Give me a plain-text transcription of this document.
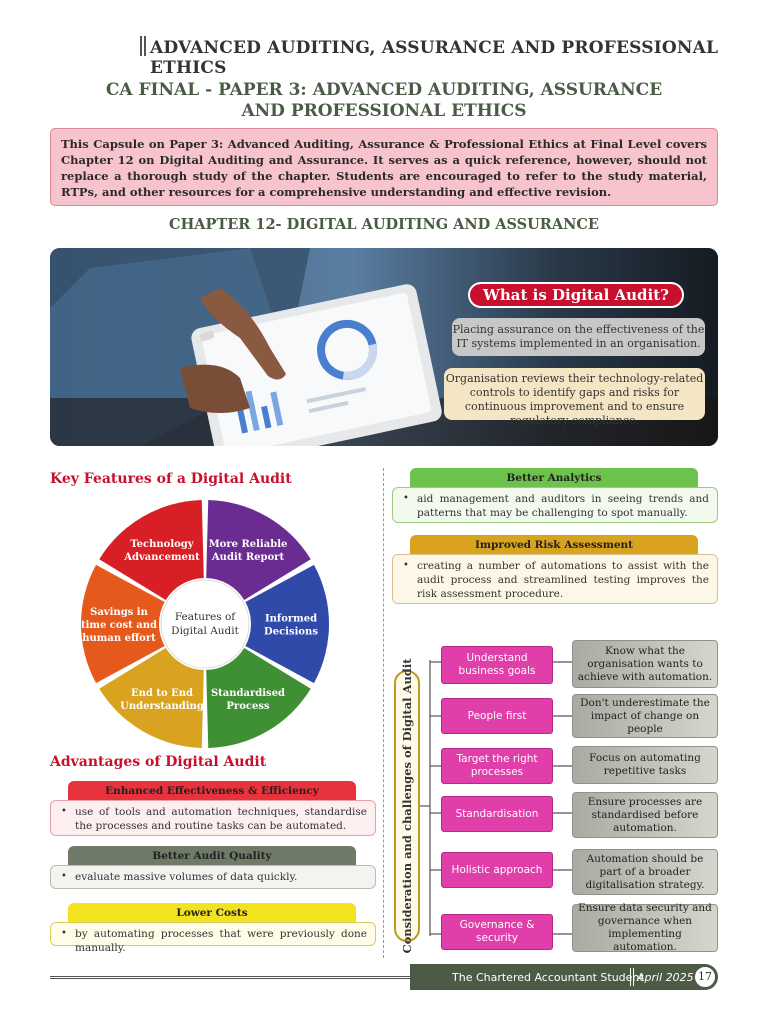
ADVANCED AUDITING, ASSURANCE AND PROFESSIONAL ETHICS
CA FINAL - PAPER 3: ADVANCED AUDITING, ASSURANCE
AND PROFESSIONAL ETHICS
This Capsule on Paper 3: Advanced Auditing, Assurance & Professional Ethics at Final Level covers Chapter 12 on Digital Auditing and Assurance. It serves as a quick reference, however, should not replace a thorough study of the chapter. Students are encouraged to refer to the study material, RTPs, and other resources for a comprehensive understanding and effective revision.
CHAPTER 12- DIGITAL AUDITING AND ASSURANCE
What is Digital Audit?
Placing assurance on the effectiveness of the IT systems implemented in an organisation.
Organisation reviews their technology-related controls to identify gaps and risks for continuous improvement and to ensure regulatory compliance.
Key Features of a Digital Audit
More Reliable
Audit Report
Informed
Decisions
Standardised
Process
End to End
Understanding
Savings in
time cost and
human effort
Technology
Advancement
Features of
Digital Audit
Advantages of Digital Audit
Enhanced Effectiveness & Efficiency
• use of tools and automation techniques, standardise the processes and routine tasks can be automated.
Better Audit Quality
• evaluate massive volumes of data quickly.
Lower Costs
• by automating processes that were previously done manually.
Better Analytics
• aid management and auditors in seeing trends and patterns that may be challenging to spot manually.
Improved Risk Assessment
• creating a number of automations to assist with the audit process and streamlined testing improves the risk assessment procedure.
Consideration and challenges of Digital Audit
Understand business goals
Know what the organisation wants to achieve with automation.
People first
Don't underestimate the impact of change on people
Target the right processes
Focus on automating repetitive tasks
Standardisation
Ensure processes are standardised before automation.
Holistic approach
Automation should be part of a broader digitalisation strategy.
Governance & security
Ensure data security and governance when implementing automation.
The Chartered Accountant Student
April 2025 17
